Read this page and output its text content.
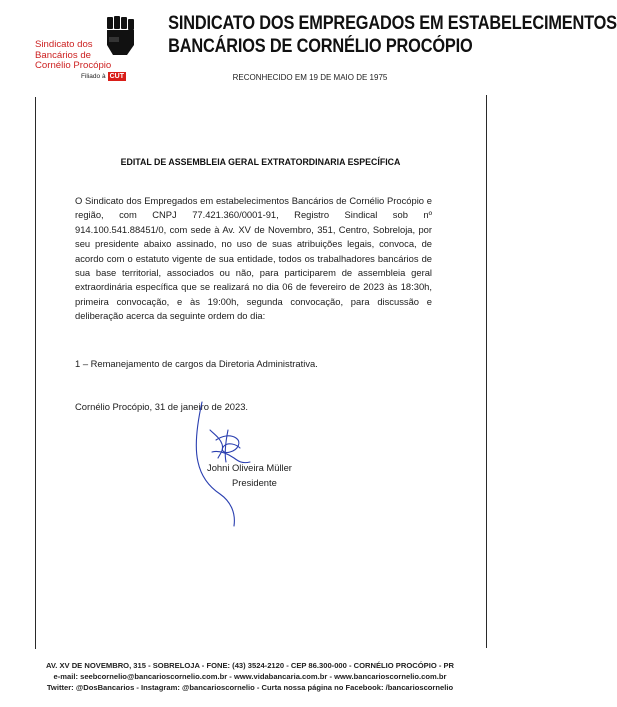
Sindicato dos
Bancários de
Cornélio Procópio
Filiado à CUT
SINDICATO DOS EMPREGADOS EM ESTABELECIMENTOS
BANCÁRIOS DE CORNÉLIO PROCÓPIO
RECONHECIDO EM 19 DE MAIO DE 1975
EDITAL DE ASSEMBLEIA GERAL EXTRATORDINARIA ESPECÍFICA
O Sindicato dos Empregados em estabelecimentos Bancários de Cornélio Procópio e região, com CNPJ 77.421.360/0001-91, Registro Sindical sob nº 914.100.541.88451/0, com sede à Av. XV de Novembro, 351, Centro, Sobreloja, por seu presidente abaixo assinado, no uso de suas atribuições legais, convoca, de acordo com o estatuto vigente de sua entidade, todos os trabalhadores bancários de sua base territorial, associados ou não, para participarem de assembleia geral extraordinária específica que se realizará no dia 06 de fevereiro de 2023 às 18:30h, primeira convocação, e às 19:00h, segunda convocação, para discussão e deliberação acerca da seguinte ordem do dia:
1 – Remanejamento de cargos da Diretoria Administrativa.
Cornélio Procópio, 31 de janeiro de 2023.
Johni Oliveira Müller
Presidente
AV. XV DE NOVEMBRO, 315 - SOBRELOJA - FONE: (43) 3524-2120 - CEP 86.300-000 - CORNÉLIO PROCÓPIO - PR
e-mail: seebcornelio@bancarioscornelio.com.br - www.vidabancaria.com.br - www.bancarioscornelio.com.br
Twitter: @DosBancarios - Instagram: @bancarioscornelio - Curta nossa página no Facebook: /bancarioscornelio
